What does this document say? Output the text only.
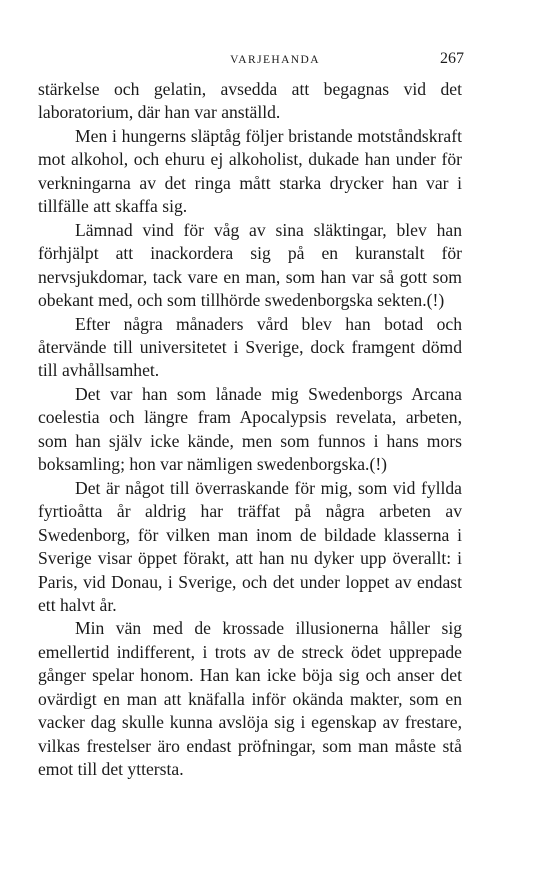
VARJEHANDA	267

stärkelse och gelatin, avsedda att begagnas vid det laboratorium, där han var anställd.

Men i hungerns släptåg följer bristande motståndskraft mot alkohol, och ehuru ej alkoholist, dukade han under för verkningarna av det ringa mått starka drycker han var i tillfälle att skaffa sig.

Lämnad vind för våg av sina släktingar, blev han förhjälpt att inackordera sig på en kuranstalt för nervsjukdomar, tack vare en man, som han var så gott som obekant med, och som tillhörde swedenborgska sekten.(!)

Efter några månaders vård blev han botad och återvände till universitetet i Sverige, dock framgent dömd till avhållsamhet.

Det var han som lånade mig Swedenborgs Arcana coelestia och längre fram Apocalypsis revelata, arbeten, som han själv icke kände, men som funnos i hans mors boksamling; hon var nämligen swedenborgska.(!)

Det är något till överraskande för mig, som vid fyllda fyrtioåtta år aldrig har träffat på några arbeten av Swedenborg, för vilken man inom de bildade klasserna i Sverige visar öppet förakt, att han nu dyker upp överallt: i Paris, vid Donau, i Sverige, och det under loppet av endast ett halvt år.

Min vän med de krossade illusionerna håller sig emellertid indifferent, i trots av de streck ödet upprepade gånger spelar honom. Han kan icke böja sig och anser det ovärdigt en man att knäfalla inför okända makter, som en vacker dag skulle kunna avslöja sig i egenskap av frestare, vilkas frestelser äro endast pröfningar, som man måste stå emot till det yttersta.
